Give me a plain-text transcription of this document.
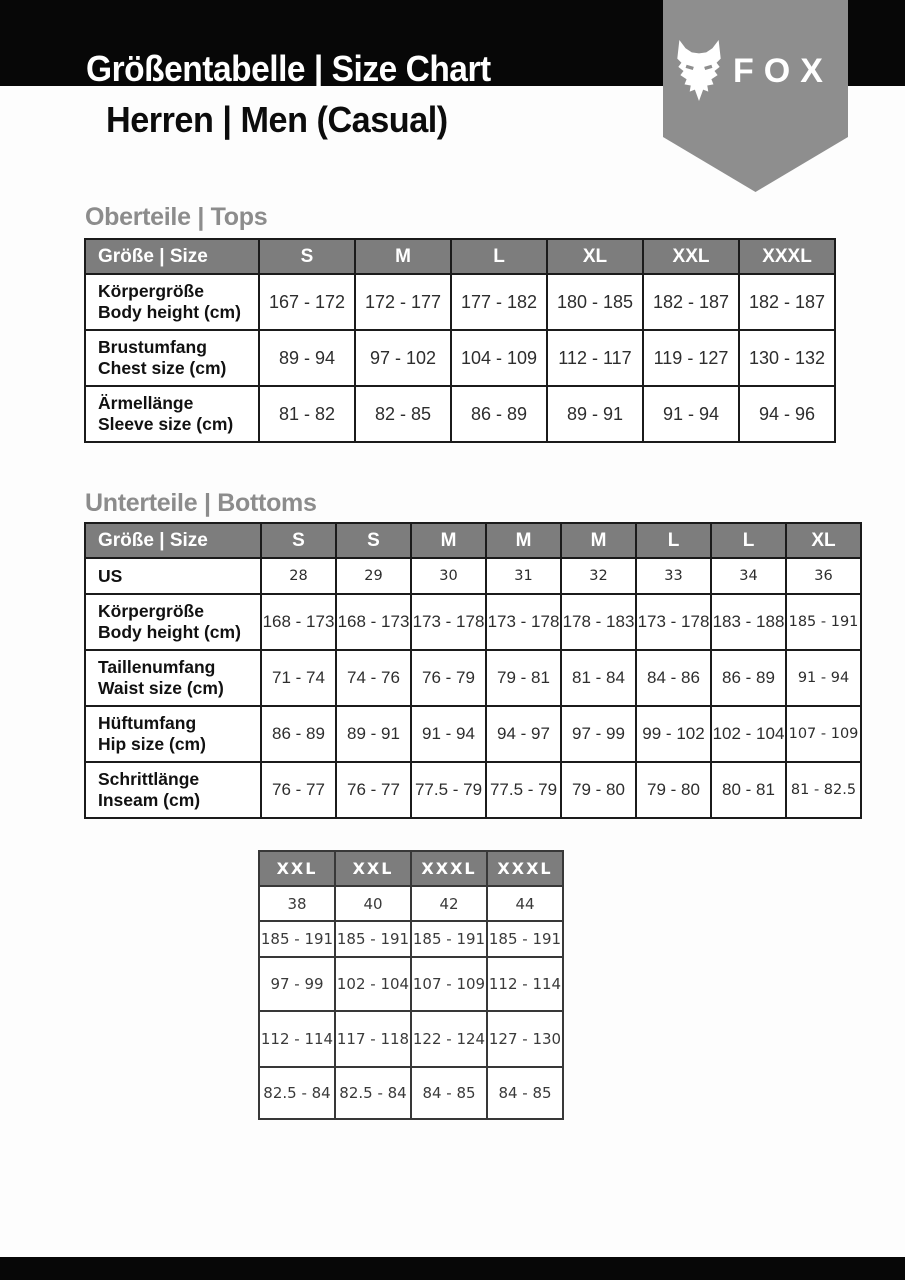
Größentabelle | Size Chart
Herren | Men (Casual)
FOX
Oberteile | Tops
Größe | Size	S	M	L	XL	XXL	XXXL

Körpergröße
Body height (cm)	167 - 172	172 - 177	177 - 182	180 - 185	182 - 187	182 - 187

Brustumfang
Chest size (cm)	89 - 94	97 - 102	104 - 109	112 - 117	119 - 127	130 - 132

Ärmellänge
Sleeve size (cm)	81 - 82	82 - 85	86 - 89	89 - 91	91 - 94	94 - 96
Unterteile | Bottoms
Größe | Size	S	S	M	M	M	L	L	XL
US	28	29	30	31	32	33	34	36

Körpergröße
Body height (cm)	168 - 173	168 - 173	173 - 178	173 - 178	178 - 183	173 - 178	183 - 188	185 - 191

Taillenumfang
Waist size (cm)	71 - 74	74 - 76	76 - 79	79 - 81	81 - 84	84 - 86	86 - 89	91 - 94

Hüftumfang
Hip size (cm)	86 - 89	89 - 91	91 - 94	94 - 97	97 - 99	99 - 102	102 - 104	107 - 109

Schrittlänge
Inseam (cm)	76 - 77	76 - 77	77.5 - 79	77.5 - 79	79 - 80	79 - 80	80 - 81	81 - 82.5
XXL	XXL	XXXL	XXXL
38	40	42	44
185 - 191	185 - 191	185 - 191	185 - 191
97 - 99	102 - 104	107 - 109	112 - 114
112 - 114	117 - 118	122 - 124	127 - 130
82.5 - 84	82.5 - 84	84 - 85	84 - 85
